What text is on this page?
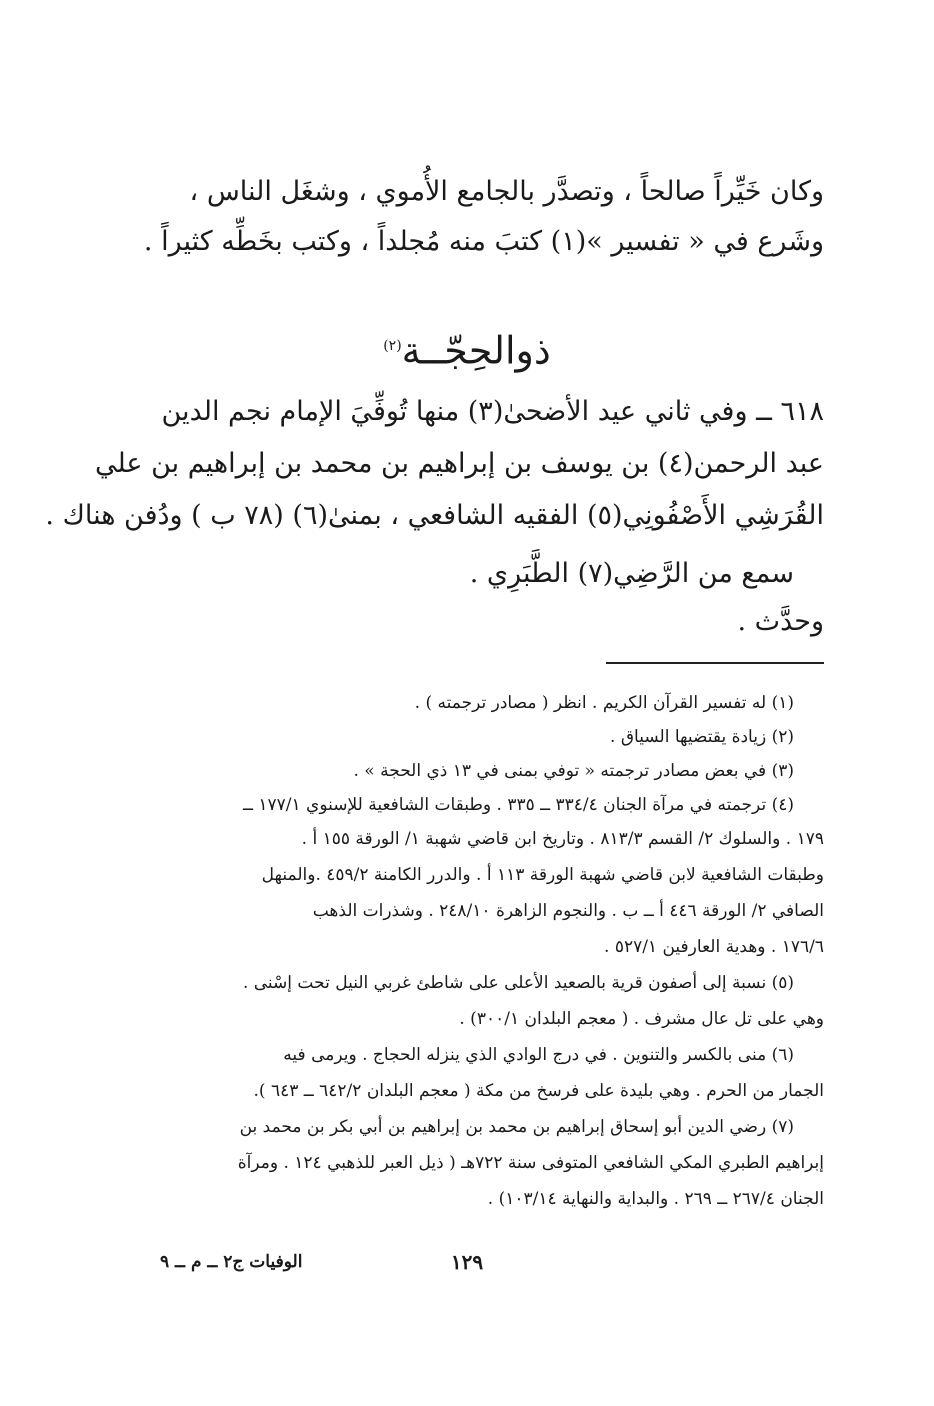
وكان خَيِّراً صالحاً ، وتصدَّر بالجامع الأُموي ، وشغَل الناس ،
وشَرع في « تفسير »(١) كتبَ منه مُجلداً ، وكتب بخَطِّه كثيراً .
ذوالحِجّــة$^{(٢)}$
٦١٨ ــ وفي ثاني عيد الأضحىٰ(٣) منها تُوفِّيَ الإمام نجم الدين
عبد الرحمن(٤) بن يوسف بن إبراهيم بن محمد بن إبراهيم بن علي
القُرَشِي الأَصْفُونِي(٥) الفقيه الشافعي ، بمنىٰ(٦) (٧٨ ب ) ودُفن هناك .
سمع من الرَّضِي(٧) الطَّبَرِي .
وحدَّث .
(١) له تفسير القرآن الكريم . انظر ( مصادر ترجمته ) .
(٢) زيادة يقتضيها السياق .
(٣) في بعض مصادر ترجمته « توفي بمنى في ١٣ ذي الحجة » .
(٤) ترجمته في مرآة الجنان ٣٣٤/٤ ــ ٣٣٥ . وطبقات الشافعية للإسنوي ١٧٧/١ ــ
١٧٩ . والسلوك ٢/ القسم ٨١٣/٣ . وتاريخ ابن قاضي شهبة ١/ الورقة ١٥٥ أ .
وطبقات الشافعية لابن قاضي شهبة الورقة ١١٣ أ . والدرر الكامنة ٤٥٩/٢ .والمنهل
الصافي ٢/ الورقة ٤٤٦ أ ــ ب . والنجوم الزاهرة ٢٤٨/١٠ . وشذرات الذهب
١٧٦/٦ . وهدية العارفين ٥٢٧/١ .
(٥) نسبة إلى أصفون قرية بالصعيد الأعلى على شاطئ غربي النيل تحت إسْنى .
وهي على تل عال مشرف . ( معجم البلدان ٣٠٠/١) .
(٦) منى بالكسر والتنوين . في درج الوادي الذي ينزله الحجاج . ويرمى فيه
الجمار من الحرم . وهي بليدة على فرسخ من مكة ( معجم البلدان ٦٤٢/٢ ــ ٦٤٣ ).
(٧) رضي الدين أبو إسحاق إبراهيم بن محمد بن إبراهيم بن أبي بكر بن محمد بن
إبراهيم الطبري المكي الشافعي المتوفى سنة ٧٢٢هـ ( ذيل العبر للذهبي ١٢٤ . ومرآة
الجنان ٢٦٧/٤ ــ ٢٦٩ . والبداية والنهاية ١٠٣/١٤) .
١٢٩
الوفيات ج٢ ــ م ــ ٩
